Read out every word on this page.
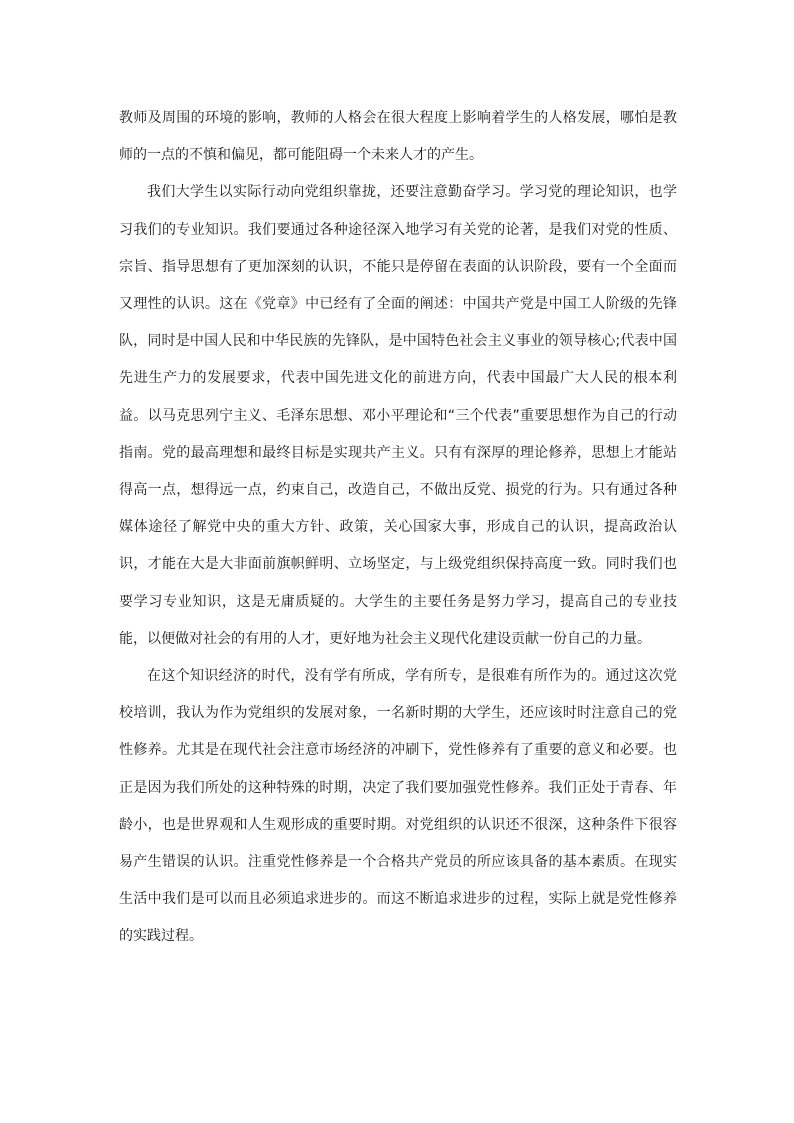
教师及周围的环境的影响，教师的人格会在很大程度上影响着学生的人格发展，哪怕是教师的一点的不慎和偏见，都可能阻碍一个未来人才的产生。

我们大学生以实际行动向党组织靠拢，还要注意勤奋学习。学习党的理论知识，也学习我们的专业知识。我们要通过各种途径深入地学习有关党的论著，是我们对党的性质、宗旨、指导思想有了更加深刻的认识，不能只是停留在表面的认识阶段，要有一个全面而又理性的认识。这在《党章》中已经有了全面的阐述：中国共产党是中国工人阶级的先锋队，同时是中国人民和中华民族的先锋队，是中国特色社会主义事业的领导核心;代表中国先进生产力的发展要求，代表中国先进文化的前进方向，代表中国最广大人民的根本利益。以马克思列宁主义、毛泽东思想、邓小平理论和“三个代表”重要思想作为自己的行动指南。党的最高理想和最终目标是实现共产主义。只有有深厚的理论修养，思想上才能站得高一点，想得远一点，约束自己，改造自己，不做出反党、损党的行为。只有通过各种媒体途径了解党中央的重大方针、政策，关心国家大事，形成自己的认识，提高政治认识，才能在大是大非面前旗帜鲜明、立场坚定，与上级党组织保持高度一致。同时我们也要学习专业知识，这是无庸质疑的。大学生的主要任务是努力学习，提高自己的专业技能，以便做对社会的有用的人才，更好地为社会主义现代化建设贡献一份自己的力量。

在这个知识经济的时代，没有学有所成，学有所专，是很难有所作为的。通过这次党校培训，我认为作为党组织的发展对象，一名新时期的大学生，还应该时时注意自己的党性修养。尤其是在现代社会注意市场经济的冲刷下，党性修养有了重要的意义和必要。也正是因为我们所处的这种特殊的时期，决定了我们要加强党性修养。我们正处于青春、年龄小，也是世界观和人生观形成的重要时期。对党组织的认识还不很深，这种条件下很容易产生错误的认识。注重党性修养是一个合格共产党员的所应该具备的基本素质。在现实生活中我们是可以而且必须追求进步的。而这不断追求进步的过程，实际上就是党性修养的实践过程。
